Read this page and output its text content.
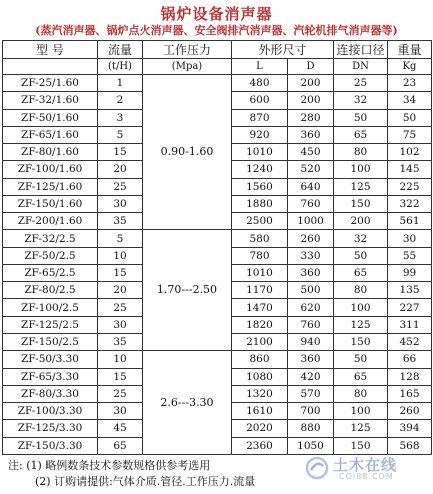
锅炉设备消声器
(蒸汽消声器、锅炉点火消声器、安全阀排汽消声器、汽轮机排气消声器等)
型 号	流量	工作压力	外形尺寸		连接口径	重量
	(t/H)	(Mpa)	L	D	DN	Kg
ZF-25/1.60	1	0.90-1.60	480	200	25	23
ZF-32/1.60	2		600	200	32	34
ZF-50/1.60	3		870	280	50	50
ZF-65/1.60	5		920	360	65	75
ZF-80/1.60	15		1010	450	80	102
ZF-100/1.60	20		1240	520	100	145
ZF-125/1.60	25		1560	640	125	225
ZF-150/1.60	30		1880	760	150	322
ZF-200/1.60	35		2500	1000	200	561
ZF-32/2.5	5	1.70---2.50	580	260	32	30
ZF-50/2.5	10		780	330	50	55
ZF-65/2.5	15		1010	360	65	99
ZF-80/2.5	20		1170	500	80	135
ZF-100/2.5	25		1470	620	100	227
ZF-125/2.5	30		1820	760	125	311
ZF-150/2.5	35		2100	940	150	452
ZF-50/3.30	10	2.6---3.30	860	360	50	66
ZF-65/3.30	15		1080	420	65	128
ZF-80/3.30	25		1320	570	80	165
ZF-100/3.30	30		1610	700	100	260
ZF-125/3.30	45		2020	880	125	394
ZF-150/3.30	65		2360	1050	150	568
注: (1) 略例数条技术参数规格供参考选用
(2) 订购请提供:气体介质.管径.工作压力.流量
土木在线
COI88.COM
